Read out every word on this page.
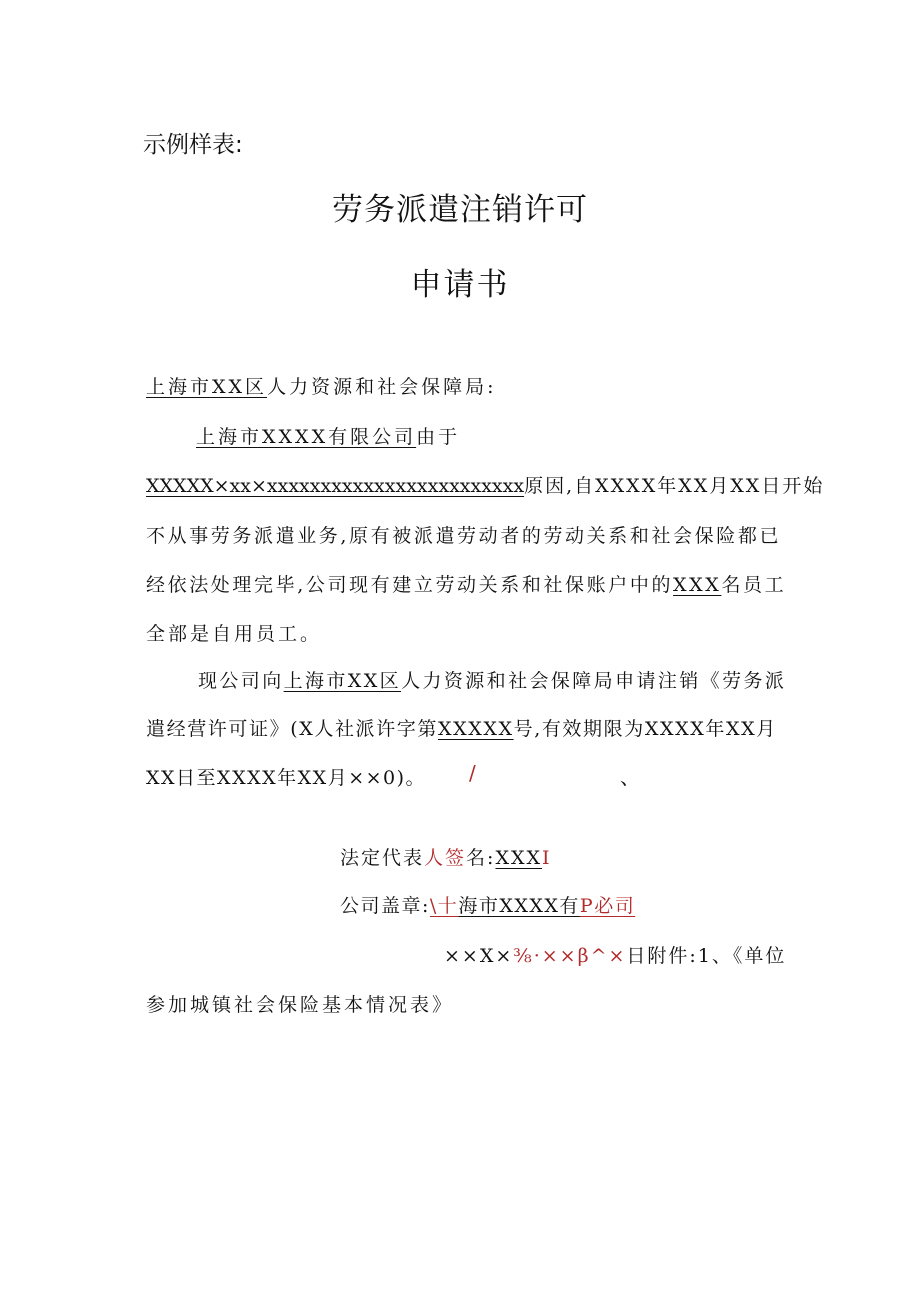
示例样表:
劳务派遣注销许可
申请书
上海市XX区人力资源和社会保障局:
上海市XXXX有限公司由于
XXXXX×xx×xxxxxxxxxxxxxxxxxxxxxxxx原因,自XXXX年XX月XX日开始
不从事劳务派遣业务,原有被派遣劳动者的劳动关系和社会保险都已
经依法处理完毕,公司现有建立劳动关系和社保账户中的XXX名员工
全部是自用员工。
现公司向上海市XX区人力资源和社会保障局申请注销《劳务派
遣经营许可证》(X人社派许字第XXXXX号,有效期限为XXXX年XX月
XX日至XXXX年XX月××0)。 /	、
法定代表人签名:XXXI
公司盖章:\十海市XXXX有P必司
××X×⅜·××β^×日附件:1、《单位
参加城镇社会保险基本情况表》
